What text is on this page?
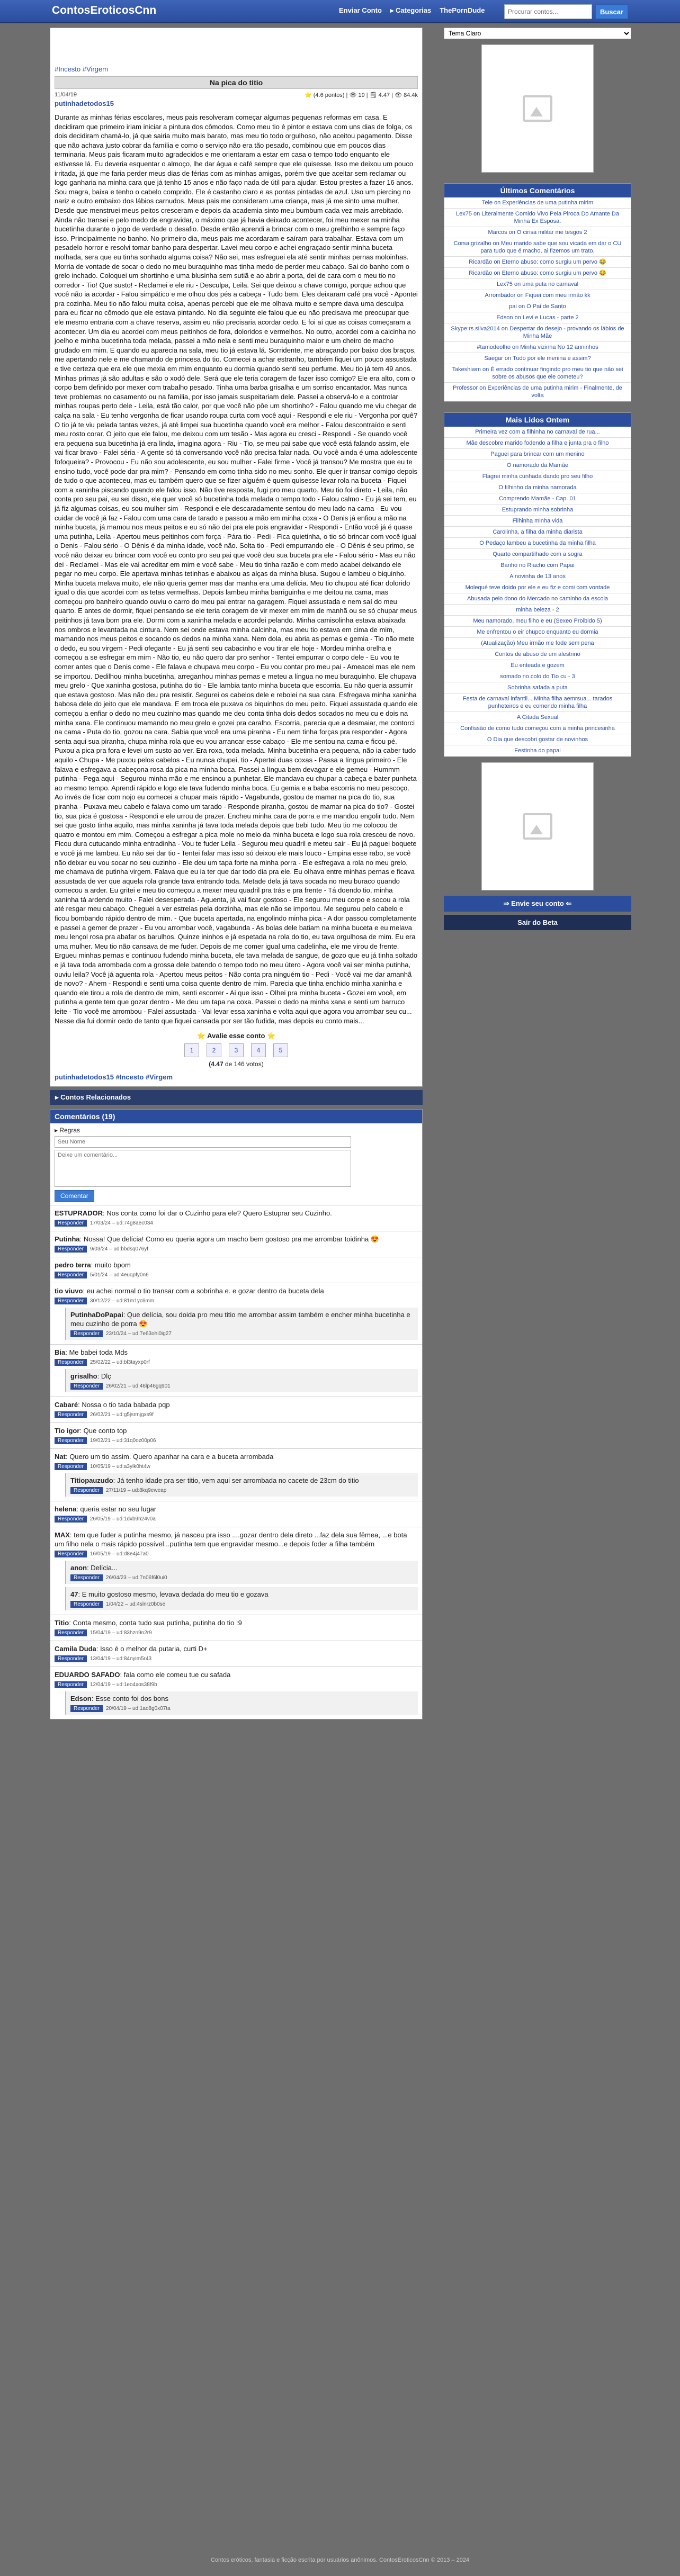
ContosEroticosCnn	Enviar Conto ▸ Categorias ThePornDude
Procurar contos...	Buscar
#Incesto #Virgem
Na pica do titio
11/04/19	⭐ (4.6 pontos) | 👁 19 | 🗒 4.47 | 👁 84.4k
putinhadetodos15

Durante as minhas férias escolares, meus pais resolveram começar algumas pequenas reformas em casa. E decidiram que primeiro iriam iniciar a pintura dos cômodos. Como meu tio é pintor e estava com uns dias de folga, os dois decidiram chamá-lo, já que sairia muito mais barato, mas meu tio todo orgulhoso, não aceitou pagamento. Disse que não achava justo cobrar da família e como o serviço não era tão pesado, combinou que em poucos dias terminaria. Meus pais ficaram muito agradecidos e me orientaram a estar em casa o tempo todo enquanto ele estivesse lá. Eu deveria esquentar o almoço, lhe dar água e café sempre que ele quisesse. Isso me deixou um pouco irritada, já que me faria perder meus dias de férias com as minhas amigas, porém tive que aceitar sem reclamar ou logo ganharia na minha cara que já tenho 15 anos e não faço nada de útil para ajudar. Estou prestes a fazer 16 anos. Sou magra, baixa e tenho o cabelo comprido. Ele é castanho claro e as pontas pintadas de azul. Uso um piercing no nariz e outro embaixo dos lábios carnudos. Meus pais me consideram uma criança, mas já me sinto uma mulher. Desde que menstruei meus peitos cresceram e depois da academia sinto meu bumbum cada vez mais arrebitado. Ainda não transei e pelo medo de engravidar, o máximo que já havia deixado acontecer, foi meu mexer na minha bucetinha durante o jogo de verdade o desafio. Desde então aprendi a brincar com o meu grelhinho e sempre faço isso. Principalmente no banho. No primeiro dia, meus pais me acordaram e saíram para trabalhar. Estava com um pesadelo horror e resolvi tomar banho para despertar. Lavei meu corpo e achei engraçado sentir minha buceta molhada, sera que eu tinha sonhado alguma coisa? Não sei, mas esfreguei ela até sentir minhas pernas moloinhas. Morria de vontade de socar o dedo no meu buraquinho mas tinha medo de perder meu cabaço. Sai do banho com o grelo inchado. Coloquei um shortinho e uma blusinha sem sutiã e ao abrir a porta, dei de cara com o meu tio no corredor - Tio! Que susto! - Reclamei e ele riu - Desculpa, Leila. Sei que deixou a chave comigo, porque achou que você não ia acordar - Falou simpático e me olhou dos pés a cabeça - Tudo bem. Eles deixaram café pra você - Apontei pra cozinha. Meu tio não falou muita coisa, apenas percebi que ele me olhava muito e sempre dava uma desculpa para eu ficar no cômodo que ele estava pintando. No dia seguinte ele falou que eu não precisava me preocupar que ele mesmo entraria com a chave reserva, assim eu não precisaria acordar cedo. E foi aí que as coisas começaram a acontecer. Um dia eu acordei com meus peitinhos de fora, doloridos e vermelhos. No outro, acordei com a calcinha no joelho e minha bucetinha toda melada, passei a mão nela e senti meu buraquinho maior e um cheiro de macho grudado em mim. E quando eu aparecia na sala, meu tio já estava lá. Sorridente, me abraçando por baixo dos braços, me apertando nele e me chamando de princesa do tio. Comecei a achar estranho, também fiquei um pouco assustada e tive certeza que era ele que mexia em mim enquanto eu dormia quando senti seu perfume. Meu tio já tem 49 anos. Minhas primas já são adultas e são o xodó dele. Será que ele teria coragem de fazer isso comigo? Ele era alto, com o corpo bem definido por mexer com trabalho pesado. Tinha uma barba grisalha e um sorriso encantador. Mas nunca teve problemas no casamento ou na família, por isso jamais suspeitariam dele. Passei a observá-lo e a controlar minhas roupas perto dele - Leila, está tão calor, por que você não pôe um shortinho? - Falou quando me viu chegar de calça na sala - Eu tenho vergonha de ficar usando roupa curta com você aqui - Respondi e ele riu - Vergonha por quê? O tio já te viu pelada tantas vezes, já até limpei sua bucetinha quando você era melhor - Falou descontraído e senti meu rosto corar. O jeito que ele falou, me deixou com um tesão - Mas agora eu cresci - Respondi - Se quando você era pequena sua bucetinha já era linda, imagina agora - Riu - Tio, se meu pai sabe que você está falando assim, ele vai ficar bravo - Falei séria - A gente só tá conversando você não precisa falar nada. Ou você ainda é uma adolescente fofoqueira? - Provocou - Eu não sou adolescente, eu sou mulher - Falei firme - Você já transou? Me mostra que eu te ensino tudo, você pode dar pra mim? - Pensando em como tinha sido no meu sonho. Ele quer ir transar comigo depois de tudo o que aconteceu, mas eu também quero que se fizer alguém é quem quisesse levar rola na buceta - Fiquei com a xaninha piscando quando ele falou isso. Não tive resposta, fugi pro meu quarto. Meu tio foi direto - Leila, não conta pro seu pai, eu sei disso, ele quer você só bucetinha toda melada o tempo todo - Falou calmo - Eu já sei tem, eu já fiz algumas coisas, eu sou mulher sim - Respondi e ele descaradamente sentou do meu lado na cama - Eu vou cuidar de você já faz - Falou com uma cara de tarado e passou a mão em minha coxa - O Denis já enfiou a mão na minha buceta, já mamou nos meus peitos e eu só não dei pra ele pois engravidar - Respondi - Então você já é quase uma putinha, Leila - Apertou meus peitinhos com força - Pára tio - Pedi - Fica quietinha, o tio só brincar com você igual o Denis - Falou sério - O Dênis é da minha idade, você não. Solta tio - Pedi empurrando ele - O Dênis é seu primo, se você não deixar eu brincar com você eu conto pro seu pai que você deu sua buceta pra ele - Falou sério - Mas eu não dei - Reclamei - Mas ele vai acreditar em mim e você sabe - Meu tio tinha razão e com medo acabei deixando ele pegar no meu corpo. Ele apertava minhas tetinhas e abaixou as alças da minha blusa. Sugou e lambeu o biquinho. Minha buceta melava muito, ele não queria gemer mas dar manha era uma delícia. Meu tio chupou até ficar dolorido igual o dia que acordei com as tetas vermelhas. Depois lambeu minha barriguinha e me deitou na cama, mas começou pro banheiro quando ouviu o carro do meu pai entrar na garagem. Fiquei assustada e nem saí do meu quarto. E antes de dormir, fiquei pensando se ele teria coragem de vir mexer em mim de manhã ou se só chupar meus peitinhos já tava bom pra ele. Dormi com a xaninha melada e acordei pelando. Minha camisolinha estava abaixada nos ombros e levantada na cintura. Nem sei onde estava minha calcinha, mas meu tio estava em cima de mim, mamando nos meus peitos e socando os dedos na minha xana. Nem dola, eu abria as pernas e gemia - Tio não mete o dedo, eu sou virgem - Pedi ofegante - Eu já senti seu cabacinho e vou tirar ele hoje - Mordeu minha orelha e começou a se esfregar em mim - Não tio, eu não quero dar pro senhor - Tentei empurrar o corpo dele - Eu vou te comer antes que o Denis come - Ele falava e chupava meu corpo - Eu vou contar pro meu pai - Ameacei mas ele nem se importou. Dedilhou minha bucetinha, arreganhou minhas pernas e meteu a língua no meu buraquinho. Ele chupava meu grelo - Que xaninha gostosa, putinha do tio - Ele lambia tanto minha buceta que escorria. Eu não queria assumir que estava gostoso. Mas não deu pra resistir. Segurei os cabelos dele e rebolei na sua cara. Esfregava minha xaninha babosa dele do jeito que ele mandava. E em troca ele puxava os biquinhos do meu peito. Fiquei assustada quando ele começou a enfiar o dedo no meu cuzinho mas quando me deu conta tinha dois dedos socados no meu cu e dois na minha xana. Ele continuou mamando no meu grelo e gozei pra caralho. Escorria, parecia que a desmaiar, me contorci na cama - Puta do tio, gozou na cara. Sabia que você era uma piranha - Eu nem tinha forças pra responder - Agora senta aqui sua piranha, chupa minha rola que eu vou arrancar esse cabaço - Ele me sentou na cama e ficou pé. Puxou a pica pra fora e levei um susto ao ver. Era roxa, toda melada. Minha bucetinha era pequena, não ia caber tudo aquilo - Chupa - Me puxou pelos cabelos - Eu nunca chupei, tio - Apertei duas coxas - Passa a língua primeiro - Ele falava e esfregava a cabeçona rosa da pica na minha boca. Passei a língua bem devagar e ele gemeu - Hummm putinha - Pega aqui - Segurou minha mão e me ensinou a punhetar. Ele mandava eu chupar a cabeça e bater punheta ao mesmo tempo. Aprendi rápido e logo ele tava fudendo minha boca. Eu gemia e a baba escorria no meu pescoço. Ao invés de ficar com nojo eu comecei a chupar mais rápido - Vagabunda, gostou de mamar na pica do tio, sua piranha - Puxava meu cabelo e falava como um tarado - Responde piranha, gostou de mamar na pica do tio? - Gostei tio, sua pica é gostosa - Respondi e ele urrou de prazer. Encheu minha cara de porra e me mandou engolir tudo. Nem sei que gosto tinha aquilo, mas minha xaninha já tava toda melada depois que bebi tudo. Meu tio me colocou de quatro e montou em mim. Começou a esfregar a pica mole no meio da minha buceta e logo sua rola cresceu de novo. Ficou dura cutucando minha entradinha - Vou te fuder Leila - Segurou meu quadril e meteu sair - Eu já paguei boquete e você já me lambeu. Eu não sei dar tio - Tentei falar mas isso só deixou ele mais louco - Empina esse rabo, se você não deixar eu vou socar no seu cuzinho - Ele deu um tapa forte na minha porra - Ele esfregava a rola no meu grelo, me chamava de putinha virgem. Falava que eu ia ter que dar todo dia pra ele. Eu olhava entre minhas pernas e ficava assustada de ver que aquela rola grande tava entrando toda. Metade dela já tava socada no meu buraco quando comecou a arder. Eu gritei e meu tio começou a mexer meu quadril pra trás e pra frente - Tá doendo tio, minha xaninha tá ardendo muito - Falei desesperada - Aguenta, já vai ficar gostoso - Ele segurou meu corpo e socou a rola até resgar meu cabaço. Cheguei a ver estrelas pela dorzinha, mas ele não se importou. Me segurou pelo cabelo e ficou bombando rápido dentro de mim. - Que buceta apertada, na engolindo minha pica - A dor passou completamente e passei a gemer de prazer - Eu vou arrombar você, vagabunda - As bolas dele batiam na minha buceta e eu melava meu lençol rosa pra abafar os barulhos. Quinze ininhos e já espetada na rola do tio, eu tava orgulhosa de mim. Eu era uma mulher. Meu tio não cansava de me fuder. Depois de me comer igual uma cadelinha, ele me virou de frente. Ergueu minhas pernas e continuou fudendo minha buceta, ele tava melada de sangue, de gozo que eu já tinha soltado e já tava toda arrombada com a grossa dele batendo o tempo todo no meu útero - Agora você vai ser minha putinha, ouviu leila? Você já aguenta rola - Apertou meus peitos - Não conta pra ninguém tio - Pedi - Você vai me dar amanhã de novo? - Ahem - Respondi e senti uma coisa quente dentro de mim. Parecia que tinha enchido minha xaninha e quando ele tirou a rola de dentro de mim, senti escorrer - Ai que isso - Olhei pra minha buceta - Gozei em você, em putinha a gente tem que gozar dentro - Me deu um tapa na coxa. Passei o dedo na minha xana e senti um barruco leite - Tio você me arrombou - Falei assustada - Vai levar essa xaninha e volta aqui que agora vou arrombar seu cu... Nesse dia fui dormir cedo de tanto que fiquei cansada por ser tão fudida, mas depois eu conto mais...

⭐ Avalie esse conto ⭐
1	2	3	4	5
(4.47 de 146 votos)
putinhadetodos15 #Incesto #Virgem
▸ Contos Relacionados
Comentários (19)
▸ Regras
Seu Nome
Deixe um comentário... Comentar
ESTUPRADOR: Nos conta como foi dar o Cuzinho para ele? Quero Estuprar seu Cuzinho.
Responder	17/03/24 – ud:74g8aec034
Putinha: Nossa! Que delícia! Como eu queria agora um macho bem gostoso pra me arrombar toidinha 😍
Responder	9/03/24 – ud:bbdsq076yf
pedro terra: muito bpom
Responder	5/01/24 – ud:4euqpfy0n6
tio viuvo: eu achei normal o tio transar com a sobrinha e. e gozar dentro da buceta dela
Responder	30/12/22 – ud:81m1yc6mm
PutinhaDoPapai: Que delícia, sou doida pro meu titio me arrombar assim também e encher minha bucetinha e meu cuzinho de porra 😍
Responder	23/10/24 – ud:7e63ohi0ig27
Bia: Me babei toda Mds
Responder	25/02/22 – ud:bl3tayxp0rf
grisalho: Dlç
Responder	26/02/21 – ud:46lp46gq901
Cabaré: Nossa o tio tada babada pqp
Responder	26/02/21 – ud:g5jsrmjgxs9f
Tio igor: Que conto top
Responder	19/02/21 – ud:31q0oz00p06
Nat: Quero um tio assim. Quero apanhar na cara e a buceta arrombada
Responder	10/05/19 – ud:a3ylk0ht4w
Titiopauzudo: Já tenho idade pra ser titio, vem aqui ser arrombada no cacete de 23cm do titio
Responder	27/11/19 – ud:8kq9eweap
helena: queria estar no seu lugar
Responder	26/05/19 – ud:1dxb9h24v0a
MAX: tem que fuder a putinha mesmo, já nasceu pra isso ....gozar dentro dela direto ...faz dela sua fêmea, ...e bota um filho nela o mais rápido possível...putinha tem que engravidar mesmo...e depois foder a filha também
Responder	16/05/19 – ud:d8e4j47a0
anon: Delícia...
Responder	26/04/23 – ud:7n06f6l0ui0
47: E muito gostoso mesmo, levava dedada do meu tio e gozava
Responder	1/04/22 – ud:4slnrz0b0se
Titio: Conta mesmo, conta tudo sua putinha, putinha do tio :9
Responder	15/04/19 – ud:83hzn9n2r9
Camila Duda: Isso é o melhor da putaria, curti D+
Responder	13/04/19 – ud:84nyim5r43
EDUARDO SAFADO: fala como ele comeu tue cu safada
Responder	12/04/19 – ud:1eo4xos38f9b
Edson: Esse conto foi dos bons
Responder	20/04/19 – ud:1ao8g0x07ta
Tema Claro
Últimos Comentários
Tele on Experiências de uma putinha mirim
Lex75 on Literalmente Comido Vivo Pela Piroca Do Amante Da Minha Ex Esposa.
Marcos on O cirisa militar me tesgos 2
Corsa grizalho on Meu marido sabe que sou vicada em dar o CU para tudo que é macho, ai fizemos um trato.
Ricardão on Eterno abuso: como surgiu um pervo 😂
Ricardão on Eterno abuso: como surgiu um pervo 😂
Lex75 on uma puta no carnaval
Arrombador on Fiquei com meu irmão kk
pai on O Pai de Santo
Edson on Levi e Lucas - parte 2
Skype:rs.silva2014 on Despertar do desejo - provando os lábios de Minha Mãe
#tamodeolho on Minha vizinha No 12 anninhos
Saegar on Tudo por ele menina é assim?
Takeshiwm on É errado continuar fingindo pro meu tio que não sei sobre os abusos que ele cometeu?
Professor on Experiências de uma putinha mirim - Finalmente, de volta
Mais Lidos Ontem
Primeira vez com a filhinha no carnaval de rua...
Mãe descobre marido fodendo a filha e junta pra o filho
Paguei para brincar com um menino
O namorado da Mamãe
Flagrei minha cunhada dando pro seu filho
O filhinho da minha namorada
Comprendo Mamãe - Cap. 01
Estuprando minha sobrinha
Filhinha minha vida
Carolinha, a filha da minha diarista
O Pedaço lambeu a bucetinha da minha filha
Quarto compartilhado com a sogra
Banho no Riacho com Papai
A novinha de 13 anos
Molequé teve doido por ele e eu fiz e comi com vontade
Abusada pelo dono do Mercado no caminho da escola
minha beleza - 2
Meu namorado, meu filho e eu (Sexeo Proibido 5)
Me enfrentou o eir chupoo enquanto eu dormia
(Atualização) Meu irmão me fode sem pena
Contos de abuso de um alestrino
Eu enteada e gozem
somado no colo do Tio cu - 3
Sobrinha safada a puta
Festa de carnaval infantil... Minha filha aemrsua... tarados punheteiros e eu comendo minha filha
A Citada Sexual
Confissão de como tudo começou com a minha princesinha
O Dia que descobri gostar de novinhos
Festinha do papai
⇒ Envie seu conto ⇐
Sair do Beta
Contos eróticos, fantasia e ficção escrita por usuários anônimos. ContosEroticosCnn © 2013 – 2024
